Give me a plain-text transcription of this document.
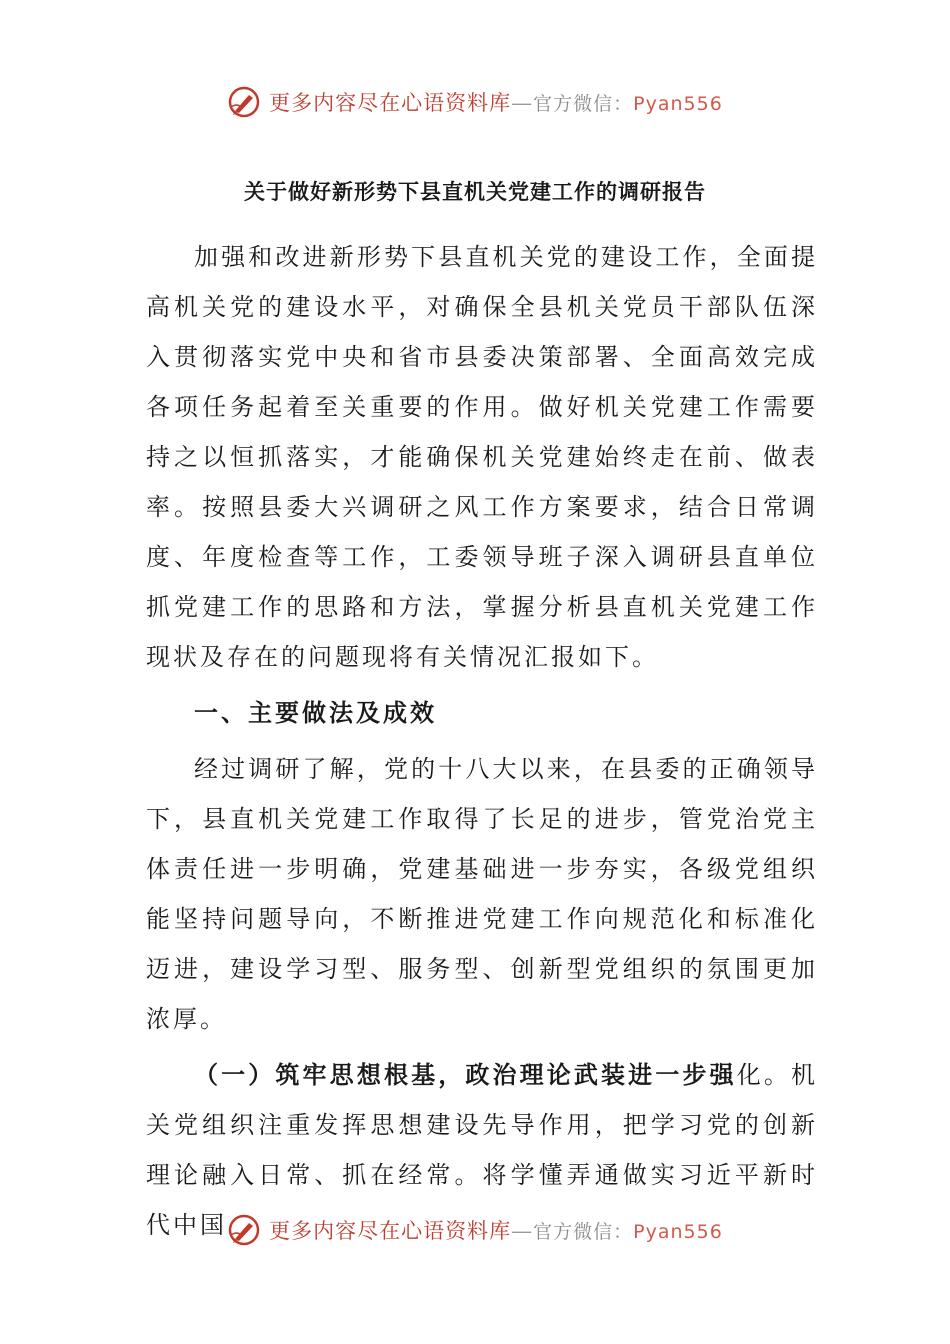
更多内容尽在心语资料库—官方微信：Pyan556
关于做好新形势下县直机关党建工作的调研报告

加强和改进新形势下县直机关党的建设工作，全面提高机关党的建设水平，对确保全县机关党员干部队伍深入贯彻落实党中央和省市县委决策部署、全面高效完成各项任务起着至关重要的作用。做好机关党建工作需要持之以恒抓落实，才能确保机关党建始终走在前、做表率。按照县委大兴调研之风工作方案要求，结合日常调度、年度检查等工作，工委领导班子深入调研县直单位抓党建工作的思路和方法，掌握分析县直机关党建工作现状及存在的问题现将有关情况汇报如下。

一、主要做法及成效

经过调研了解，党的十八大以来，在县委的正确领导下，县直机关党建工作取得了长足的进步，管党治党主体责任进一步明确，党建基础进一步夯实，各级党组织能坚持问题导向，不断推进党建工作向规范化和标准化迈进，建设学习型、服务型、创新型党组织的氛围更加浓厚。

（一）筑牢思想根基，政治理论武装进一步强化。机关党组织注重发挥思想建设先导作用，把学习党的创新理论融入日常、抓在经常。将学懂弄通做实习近平新时代中国	更多内容尽在心语资料库—官方微信：Pyan556
